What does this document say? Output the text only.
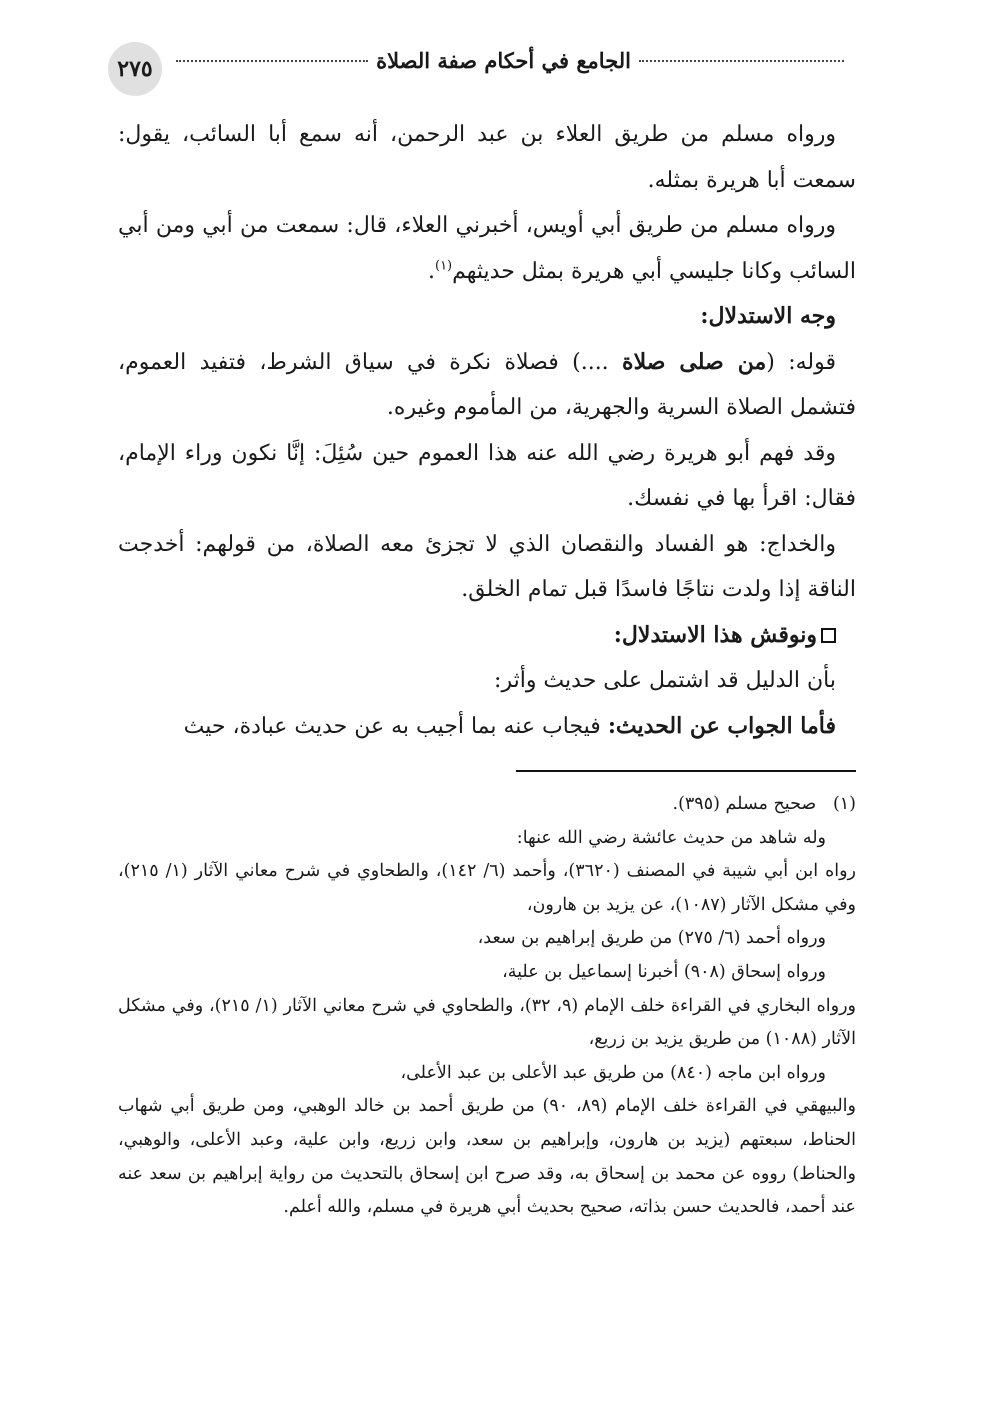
٢٧٥	الجامع في أحكام صفة الصلاة

ورواه مسلم من طريق العلاء بن عبد الرحمن، أنه سمع أبا السائب، يقول: سمعت أبا هريرة بمثله.

ورواه مسلم من طريق أبي أويس، أخبرني العلاء، قال: سمعت من أبي ومن أبي السائب وكانا جليسي أبي هريرة بمثل حديثهم$^{(١)}$.

وجه الاستدلال:

قوله: (من صلى صلاة ....) فصلاة نكرة في سياق الشرط، فتفيد العموم، فتشمل الصلاة السرية والجهرية، من المأموم وغيره.

وقد فهم أبو هريرة رضي الله عنه هذا العموم حين سُئِلَ: إنَّا نكون وراء الإمام، فقال: اقرأ بها في نفسك.

والخداج: هو الفساد والنقصان الذي لا تجزئ معه الصلاة، من قولهم: أخدجت الناقة إذا ولدت نتاجًا فاسدًا قبل تمام الخلق.

ونوقش هذا الاستدلال:

بأن الدليل قد اشتمل على حديث وأثر:

فأما الجواب عن الحديث: فيجاب عنه بما أجيب به عن حديث عبادة، حيث

(١)   صحيح مسلم (٣٩٥).

وله شاهد من حديث عائشة رضي الله عنها:

رواه ابن أبي شيبة في المصنف (٣٦٢٠)، وأحمد (٦/ ١٤٢)، والطحاوي في شرح معاني الآثار (١/ ٢١٥)، وفي مشكل الآثار (١٠٨٧)، عن يزيد بن هارون،

ورواه أحمد (٦/ ٢٧٥) من طريق إبراهيم بن سعد،

ورواه إسحاق (٩٠٨) أخبرنا إسماعيل بن علية،

ورواه البخاري في القراءة خلف الإمام (٩، ٣٢)، والطحاوي في شرح معاني الآثار (١/ ٢١٥)، وفي مشكل الآثار (١٠٨٨) من طريق يزيد بن زريع،

ورواه ابن ماجه (٨٤٠) من طريق عبد الأعلى بن عبد الأعلى،

والبيهقي في القراءة خلف الإمام (٨٩، ٩٠) من طريق أحمد بن خالد الوهبي، ومن طريق أبي شهاب الحناط، سبعتهم (يزيد بن هارون، وإبراهيم بن سعد، وابن زريع، وابن علية، وعبد الأعلى، والوهبي، والحناط) رووه عن محمد بن إسحاق به، وقد صرح ابن إسحاق بالتحديث من رواية إبراهيم بن سعد عنه عند أحمد، فالحديث حسن بذاته، صحيح بحديث أبي هريرة في مسلم، والله أعلم.
